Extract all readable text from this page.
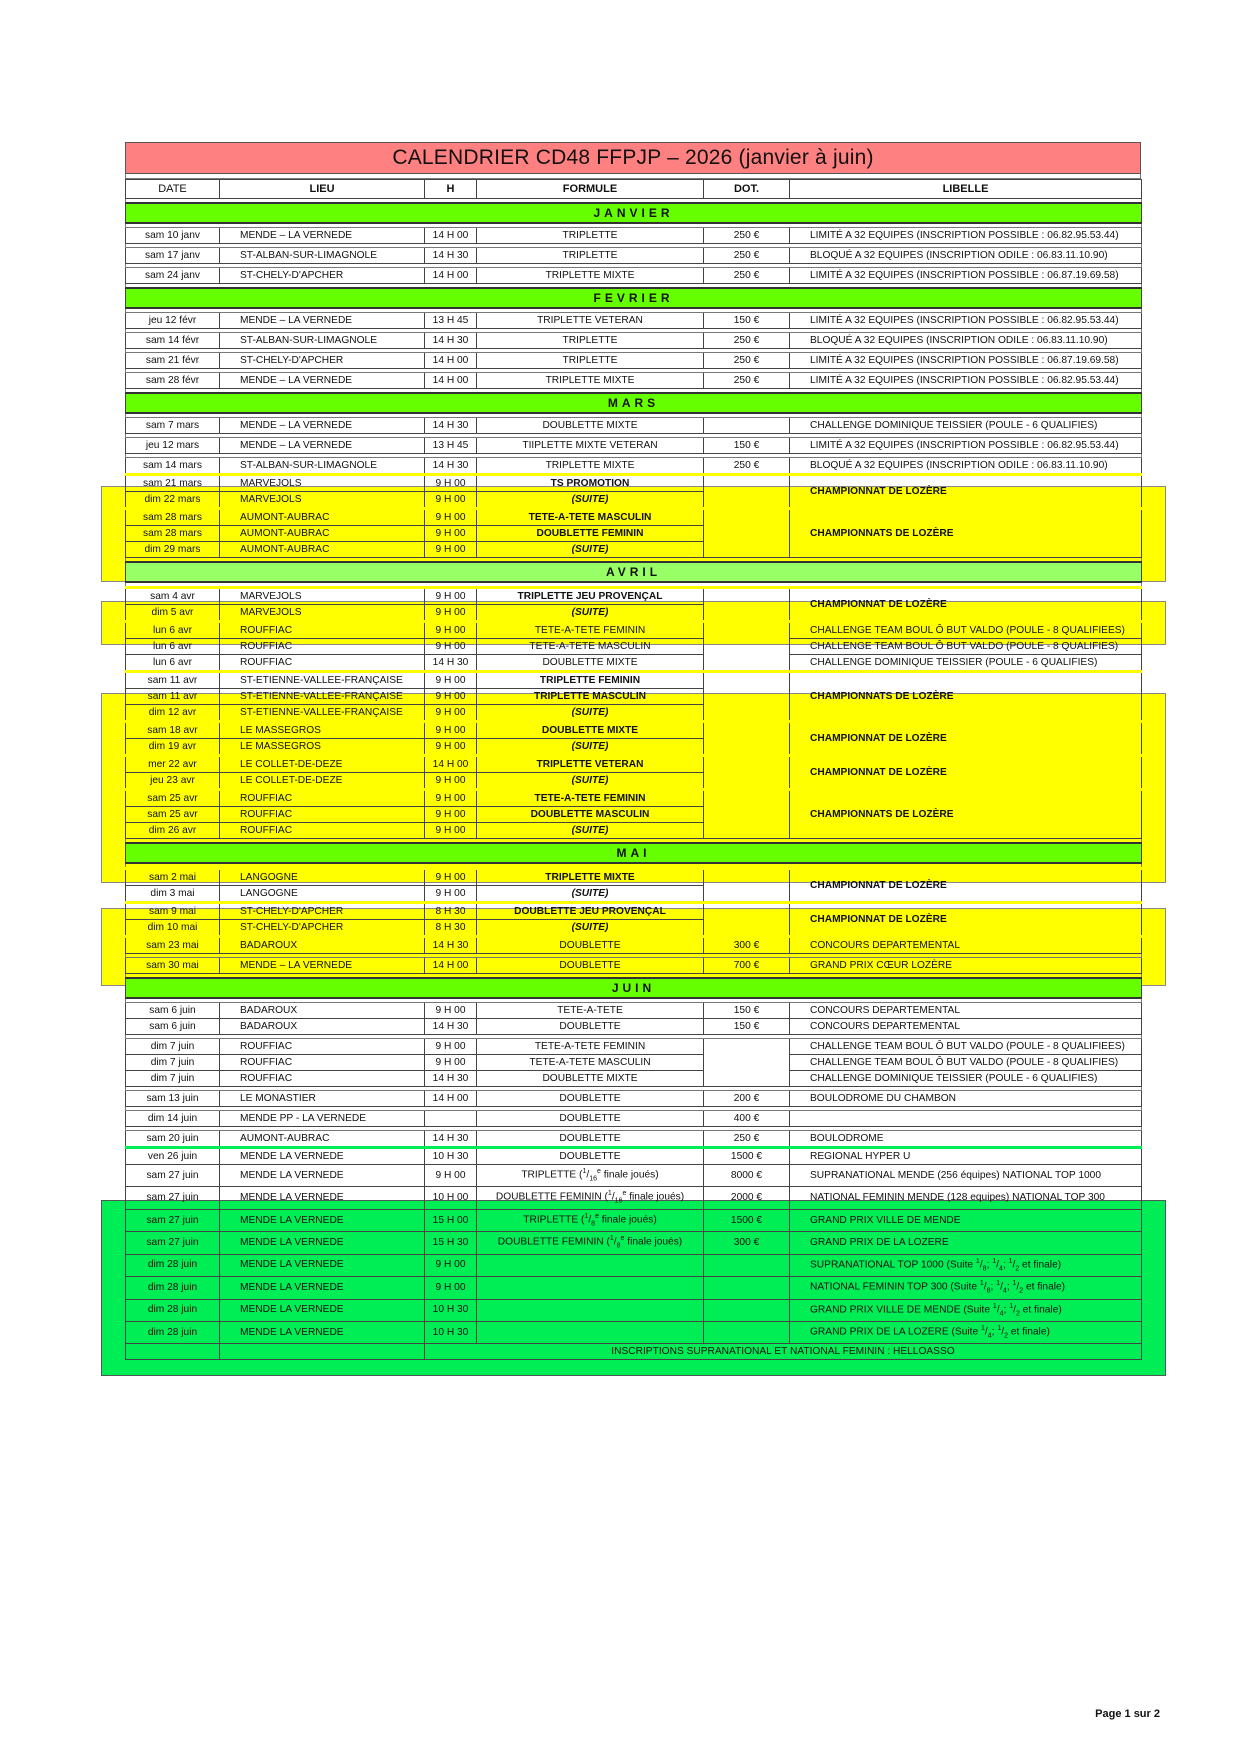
CALENDRIER CD48 FFPJP – 2026 (janvier à juin)
DATE	LIEU	H	FORMULE	DOT.	LIBELLE

JANVIER					

sam 10 janv	MENDE – LA VERNEDE	14 H 00	TRIPLETTE	250 €	LIMITÉ A 32 EQUIPES (INSCRIPTION POSSIBLE : 06.82.95.53.44)

sam 17 janv	ST-ALBAN-SUR-LIMAGNOLE	14 H 30	TRIPLETTE	250 €	BLOQUÉ A 32 EQUIPES (INSCRIPTION ODILE : 06.83.11.10.90)

sam 24 janv	ST-CHELY-D'APCHER	14 H 00	TRIPLETTE MIXTE	250 €	LIMITÉ A 32 EQUIPES (INSCRIPTION POSSIBLE : 06.87.19.69.58)

FEVRIER					

jeu 12 févr	MENDE – LA VERNEDE	13 H 45	TRIPLETTE VETERAN	150 €	LIMITÉ A 32 EQUIPES (INSCRIPTION POSSIBLE : 06.82.95.53.44)

sam 14 févr	ST-ALBAN-SUR-LIMAGNOLE	14 H 30	TRIPLETTE	250 €	BLOQUÉ A 32 EQUIPES (INSCRIPTION ODILE : 06.83.11.10.90)

sam 21 févr	ST-CHELY-D'APCHER	14 H 00	TRIPLETTE	250 €	LIMITÉ A 32 EQUIPES (INSCRIPTION POSSIBLE : 06.87.19.69.58)

sam 28 févr	MENDE – LA VERNEDE	14 H 00	TRIPLETTE MIXTE	250 €	LIMITÉ A 32 EQUIPES (INSCRIPTION POSSIBLE : 06.82.95.53.44)

MARS					

sam 7 mars	MENDE – LA VERNEDE	14 H 30	DOUBLETTE MIXTE		CHALLENGE DOMINIQUE TEISSIER (POULE - 6 QUALIFIES)

jeu 12 mars	MENDE – LA VERNEDE	13 H 45	TIIPLETTE MIXTE VETERAN	150 €	LIMITÉ A 32 EQUIPES (INSCRIPTION POSSIBLE : 06.82.95.53.44)

sam 14 mars	ST-ALBAN-SUR-LIMAGNOLE	14 H 30	TRIPLETTE MIXTE	250 €	BLOQUÉ A 32 EQUIPES (INSCRIPTION ODILE : 06.83.11.10.90)
sam 21 mars	MARVEJOLS	9 H 00	TS PROMOTION		CHAMPIONNAT DE LOZÈRE
dim 22 mars	MARVEJOLS	9 H 00	(SUITE)		
sam 28 mars	AUMONT-AUBRAC	9 H 00	TETE-A-TETE MASCULIN		CHAMPIONNATS DE LOZÈRE
sam 28 mars	AUMONT-AUBRAC	9 H 00	DOUBLETTE FEMININ		
dim 29 mars	AUMONT-AUBRAC	9 H 00	(SUITE)		

AVRIL					

sam 4 avr	MARVEJOLS	9 H 00	TRIPLETTE JEU PROVENÇAL		CHAMPIONNAT DE LOZÈRE
dim 5 avr	MARVEJOLS	9 H 00	(SUITE)		
lun 6 avr	ROUFFIAC	9 H 00	TETE-A-TETE FEMININ		CHALLENGE TEAM BOUL Ô BUT VALDO (POULE - 8 QUALIFIEES)
lun 6 avr	ROUFFIAC	9 H 00	TETE-A-TETE MASCULIN		CHALLENGE TEAM BOUL Ô BUT VALDO (POULE - 8 QUALIFIES)
lun 6 avr	ROUFFIAC	14 H 30	DOUBLETTE MIXTE		CHALLENGE DOMINIQUE TEISSIER (POULE - 6 QUALIFIES)
sam 11 avr	ST-ETIENNE-VALLEE-FRANÇAISE	9 H 00	TRIPLETTE FEMININ		CHAMPIONNATS DE LOZÈRE
sam 11 avr	ST-ETIENNE-VALLEE-FRANÇAISE	9 H 00	TRIPLETTE MASCULIN		
dim 12 avr	ST-ETIENNE-VALLEE-FRANÇAISE	9 H 00	(SUITE)		
sam 18 avr	LE MASSEGROS	9 H 00	DOUBLETTE MIXTE		CHAMPIONNAT DE LOZÈRE
dim 19 avr	LE MASSEGROS	9 H 00	(SUITE)		
mer 22 avr	LE COLLET-DE-DEZE	14 H 00	TRIPLETTE VETERAN		CHAMPIONNAT DE LOZÈRE
jeu 23 avr	LE COLLET-DE-DEZE	9 H 00	(SUITE)		
sam 25 avr	ROUFFIAC	9 H 00	TETE-A-TETE FEMININ		CHAMPIONNATS DE LOZÈRE
sam 25 avr	ROUFFIAC	9 H 00	DOUBLETTE MASCULIN		
dim 26 avr	ROUFFIAC	9 H 00	(SUITE)		

MAI					

sam 2 mai	LANGOGNE	9 H 00	TRIPLETTE MIXTE		CHAMPIONNAT DE LOZÈRE
dim 3 mai	LANGOGNE	9 H 00	(SUITE)		
sam 9 mai	ST-CHELY-D'APCHER	8 H 30	DOUBLETTE JEU PROVENÇAL		CHAMPIONNAT DE LOZÈRE
dim 10 mai	ST-CHELY-D'APCHER	8 H 30	(SUITE)		
sam 23 mai	BADAROUX	14 H 30	DOUBLETTE	300 €	CONCOURS DEPARTEMENTAL

sam 30 mai	MENDE – LA VERNEDE	14 H 00	DOUBLETTE	700 €	GRAND PRIX CŒUR LOZÈRE

JUIN					

sam 6 juin	BADAROUX	9 H 00	TETE-A-TETE	150 €	CONCOURS DEPARTEMENTAL
sam 6 juin	BADAROUX	14 H 30	DOUBLETTE	150 €	CONCOURS DEPARTEMENTAL

dim 7 juin	ROUFFIAC	9 H 00	TETE-A-TETE FEMININ		CHALLENGE TEAM BOUL Ô BUT VALDO (POULE - 8 QUALIFIEES)
dim 7 juin	ROUFFIAC	9 H 00	TETE-A-TETE MASCULIN		CHALLENGE TEAM BOUL Ô BUT VALDO (POULE - 8 QUALIFIES)
dim 7 juin	ROUFFIAC	14 H 30	DOUBLETTE MIXTE		CHALLENGE DOMINIQUE TEISSIER (POULE - 6 QUALIFIES)

sam 13 juin	LE MONASTIER	14 H 00	DOUBLETTE	200 €	BOULODROME DU CHAMBON

dim 14 juin	MENDE PP - LA VERNEDE		DOUBLETTE	400 €	

sam 20 juin	AUMONT-AUBRAC	14 H 30	DOUBLETTE	250 €	BOULODROME
ven 26 juin	MENDE LA VERNEDE	10 H 30	DOUBLETTE	1500 €	REGIONAL HYPER U
sam 27 juin	MENDE LA VERNEDE	9 H 00	TRIPLETTE ($^1/_{16}^e$ finale joués)	8000 €	SUPRANATIONAL MENDE (256 équipes) NATIONAL TOP 1000
sam 27 juin	MENDE LA VERNEDE	10 H 00	DOUBLETTE FEMININ ($^1/_{16}^e$ finale joués)	2000 €	NATIONAL FEMININ MENDE (128 equipes) NATIONAL TOP 300
sam 27 juin	MENDE LA VERNEDE	15 H 00	TRIPLETTE ($^1/_8^e$ finale joués)	1500 €	GRAND PRIX VILLE DE MENDE
sam 27 juin	MENDE LA VERNEDE	15 H 30	DOUBLETTE FEMININ ($^1/_8^e$ finale joués)	300 €	GRAND PRIX DE LA LOZERE
dim 28 juin	MENDE LA VERNEDE	9 H 00			SUPRANATIONAL TOP 1000 (Suite $^1/_8$; $^1/_4$; $^1/_2$ et finale)
dim 28 juin	MENDE LA VERNEDE	9 H 00			NATIONAL FEMININ TOP 300 (Suite $^1/_8$; $^1/_4$; $^1/_2$ et finale)
dim 28 juin	MENDE LA VERNEDE	10 H 30			GRAND PRIX VILLE DE MENDE (Suite $^1/_4$; $^1/_2$ et finale)
dim 28 juin	MENDE LA VERNEDE	10 H 30			GRAND PRIX DE LA LOZERE (Suite $^1/_4$; $^1/_2$ et finale)
		INSCRIPTIONS SUPRANATIONAL ET NATIONAL FEMININ : HELLOASSO			
Page 1 sur 2
